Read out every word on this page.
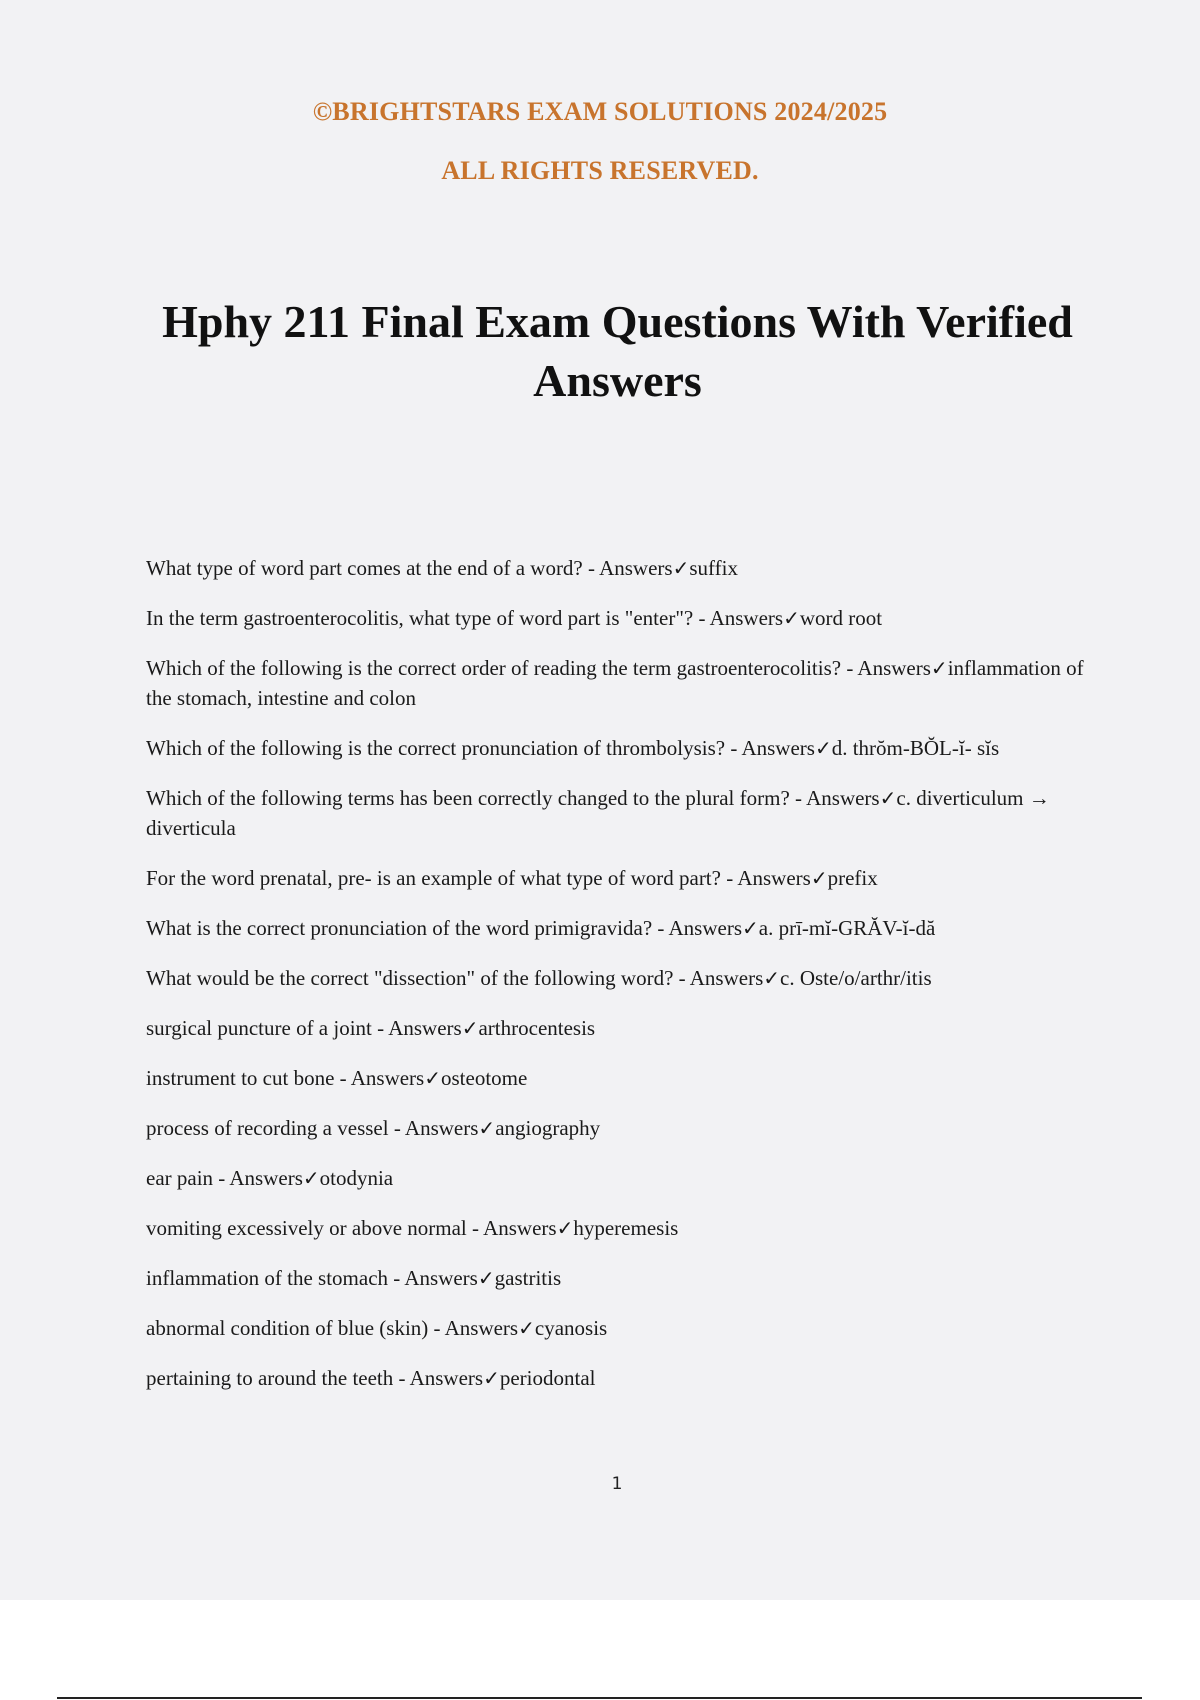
©BRIGHTSTARS EXAM SOLUTIONS 2024/2025
ALL RIGHTS RESERVED.
Hphy 211 Final Exam Questions With Verified Answers
What type of word part comes at the end of a word? - Answers✓suffix
In the term gastroenterocolitis, what type of word part is "enter"? - Answers✓word root
Which of the following is the correct order of reading the term gastroenterocolitis? - Answers✓inflammation of the stomach, intestine and colon
Which of the following is the correct pronunciation of thrombolysis? - Answers✓d. thrŏm-BŎL-ĭ- sĭs
Which of the following terms has been correctly changed to the plural form? - Answers✓c. diverticulum → diverticula
For the word prenatal, pre- is an example of what type of word part? - Answers✓prefix
What is the correct pronunciation of the word primigravida? - Answers✓a. prī-mĭ-GRĂV-ĭ-dă
What would be the correct "dissection" of the following word? - Answers✓c. Oste/o/arthr/itis
surgical puncture of a joint - Answers✓arthrocentesis
instrument to cut bone - Answers✓osteotome
process of recording a vessel - Answers✓angiography
ear pain - Answers✓otodynia
vomiting excessively or above normal - Answers✓hyperemesis
inflammation of the stomach - Answers✓gastritis
abnormal condition of blue (skin) - Answers✓cyanosis
pertaining to around the teeth - Answers✓periodontal
1
